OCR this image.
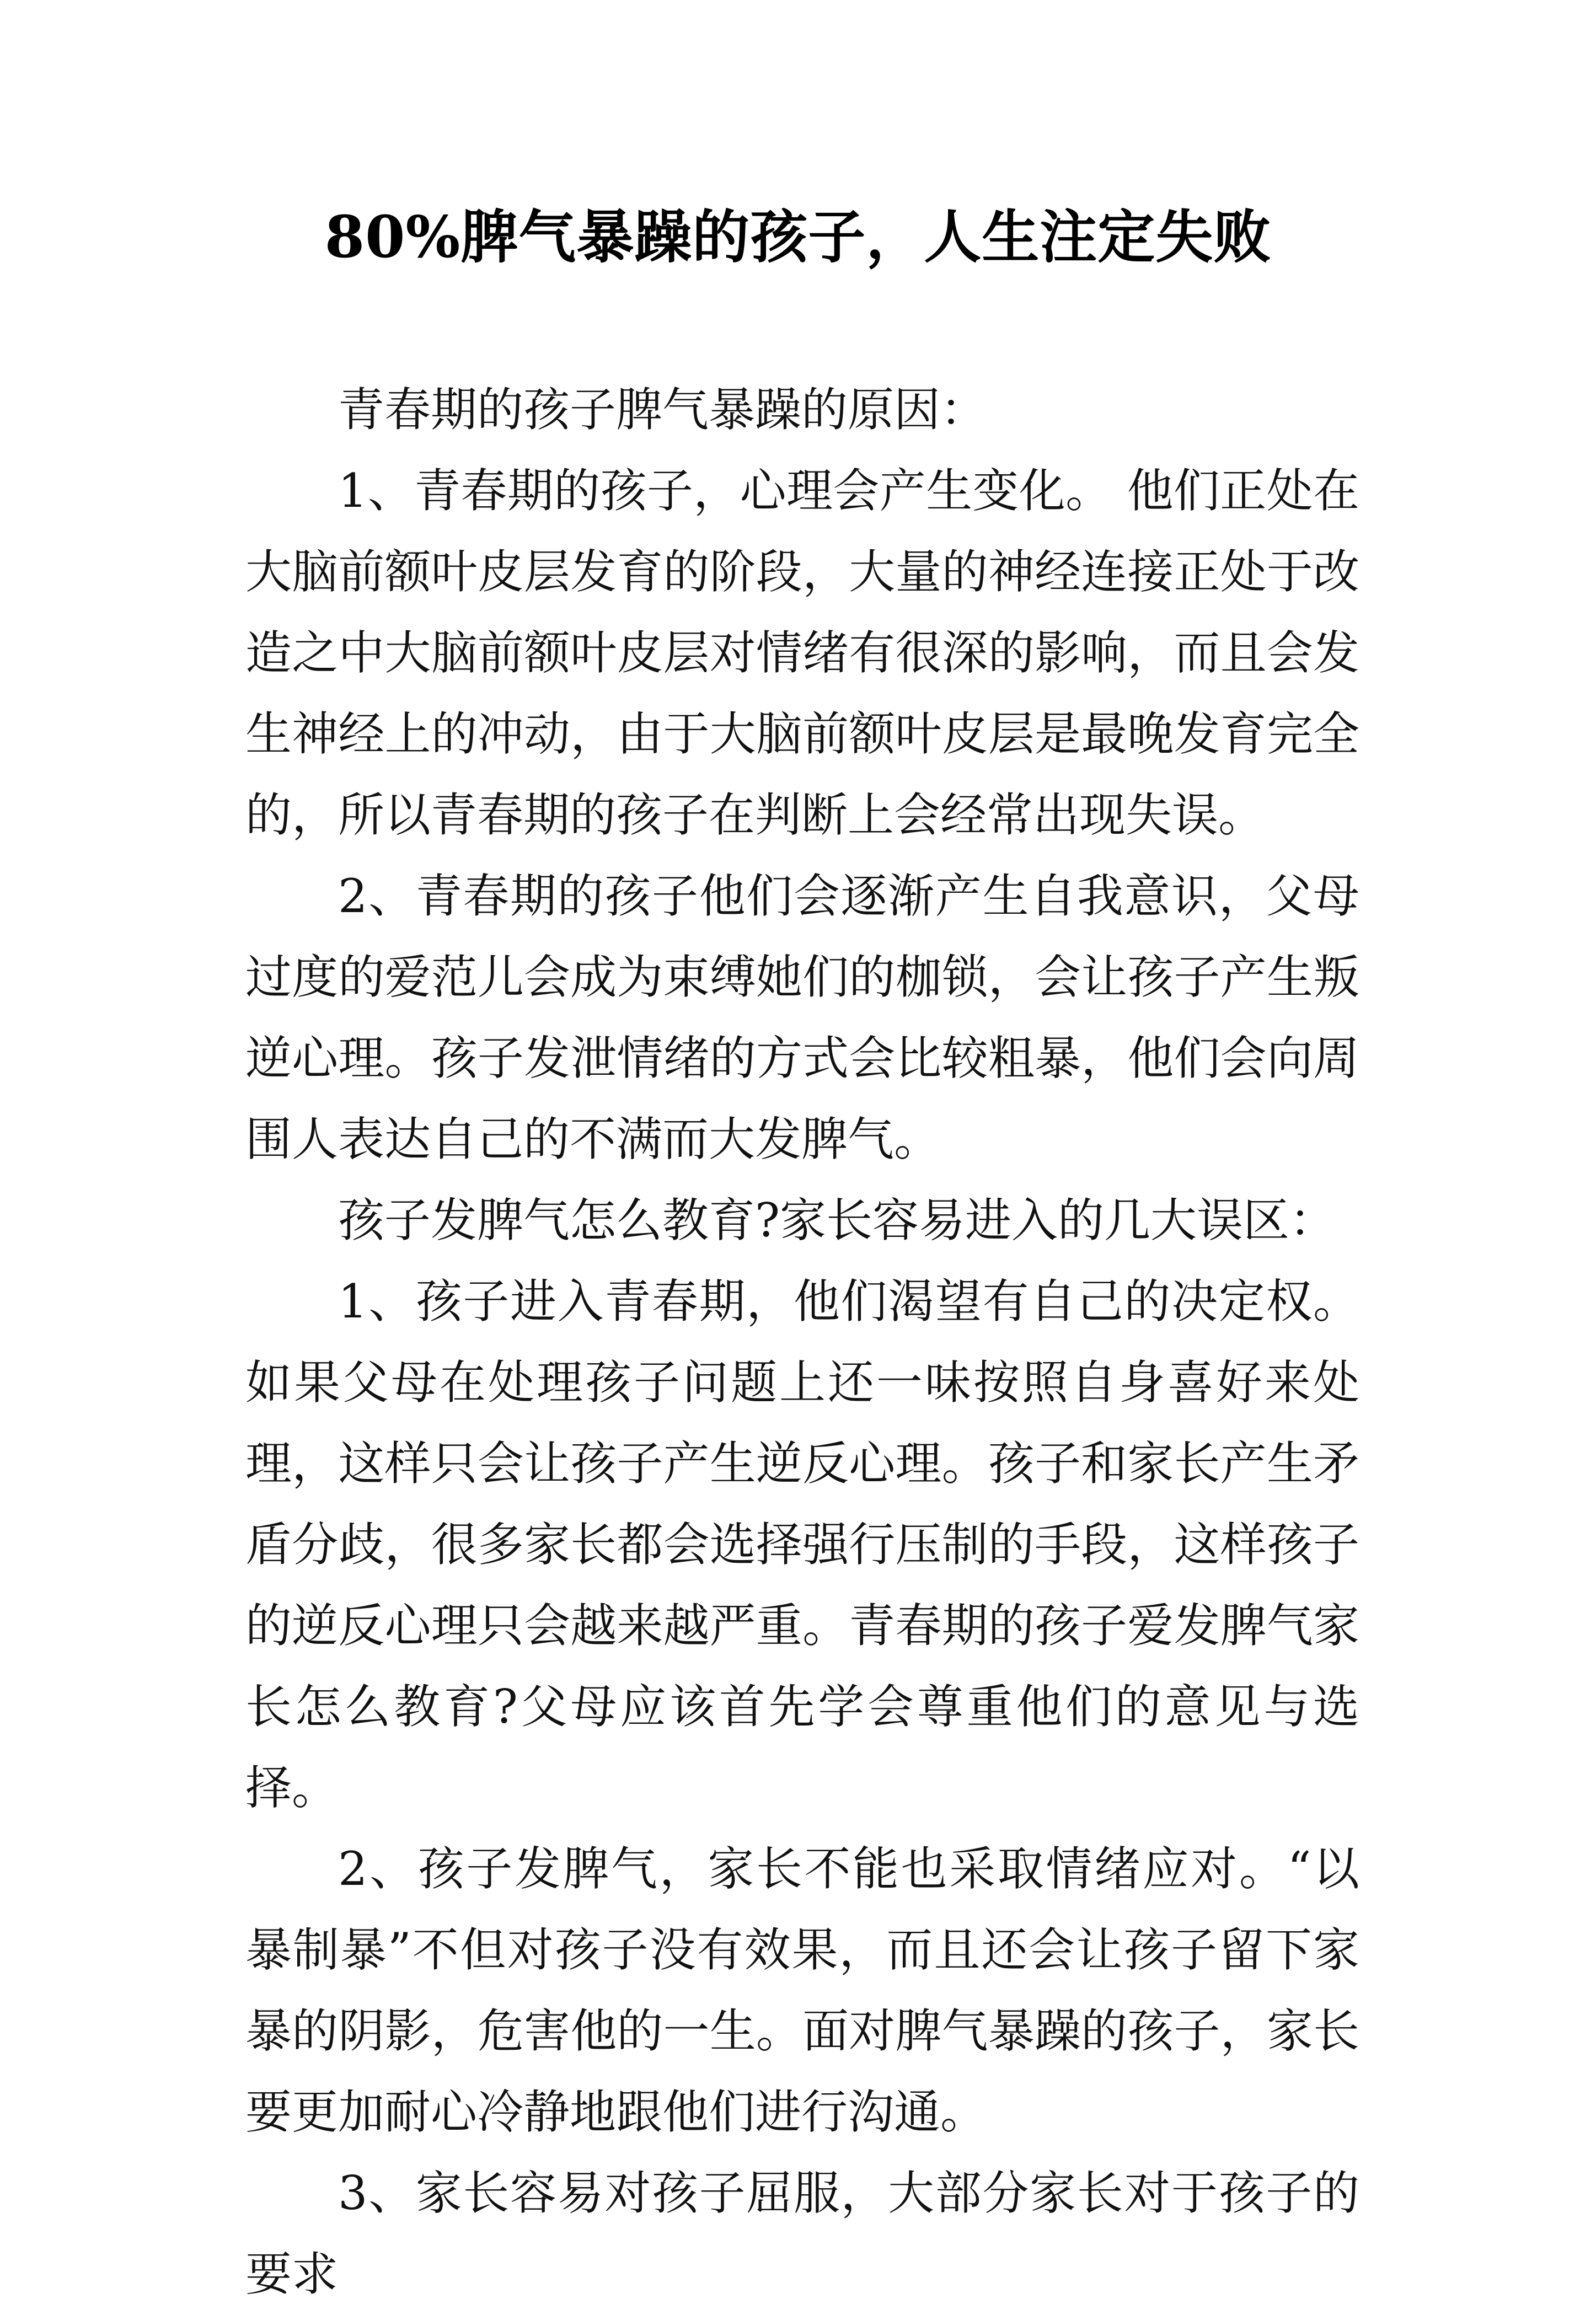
80%脾气暴躁的孩子，人生注定失败

青春期的孩子脾气暴躁的原因：

1、青春期的孩子，心理会产生变化。 他们正处在大脑前额叶皮层发育的阶段，大量的神经连接正处于改造之中大脑前额叶皮层对情绪有很深的影响，而且会发生神经上的冲动，由于大脑前额叶皮层是最晚发育完全的，所以青春期的孩子在判断上会经常出现失误。

2、青春期的孩子他们会逐渐产生自我意识，父母过度的爱范儿会成为束缚她们的枷锁，会让孩子产生叛逆心理。孩子发泄情绪的方式会比较粗暴，他们会向周围人表达自己的不满而大发脾气。

孩子发脾气怎么教育?家长容易进入的几大误区：

1、孩子进入青春期，他们渴望有自己的决定权。如果父母在处理孩子问题上还一味按照自身喜好来处理，这样只会让孩子产生逆反心理。孩子和家长产生矛盾分歧，很多家长都会选择强行压制的手段，这样孩子的逆反心理只会越来越严重。青春期的孩子爱发脾气家长怎么教育?父母应该首先学会尊重他们的意见与选择。

2、孩子发脾气，家长不能也采取情绪应对。“以暴制暴”不但对孩子没有效果，而且还会让孩子留下家暴的阴影，危害他的一生。面对脾气暴躁的孩子，家长要更加耐心冷静地跟他们进行沟通。

3、家长容易对孩子屈服，大部分家长对于孩子的要求
